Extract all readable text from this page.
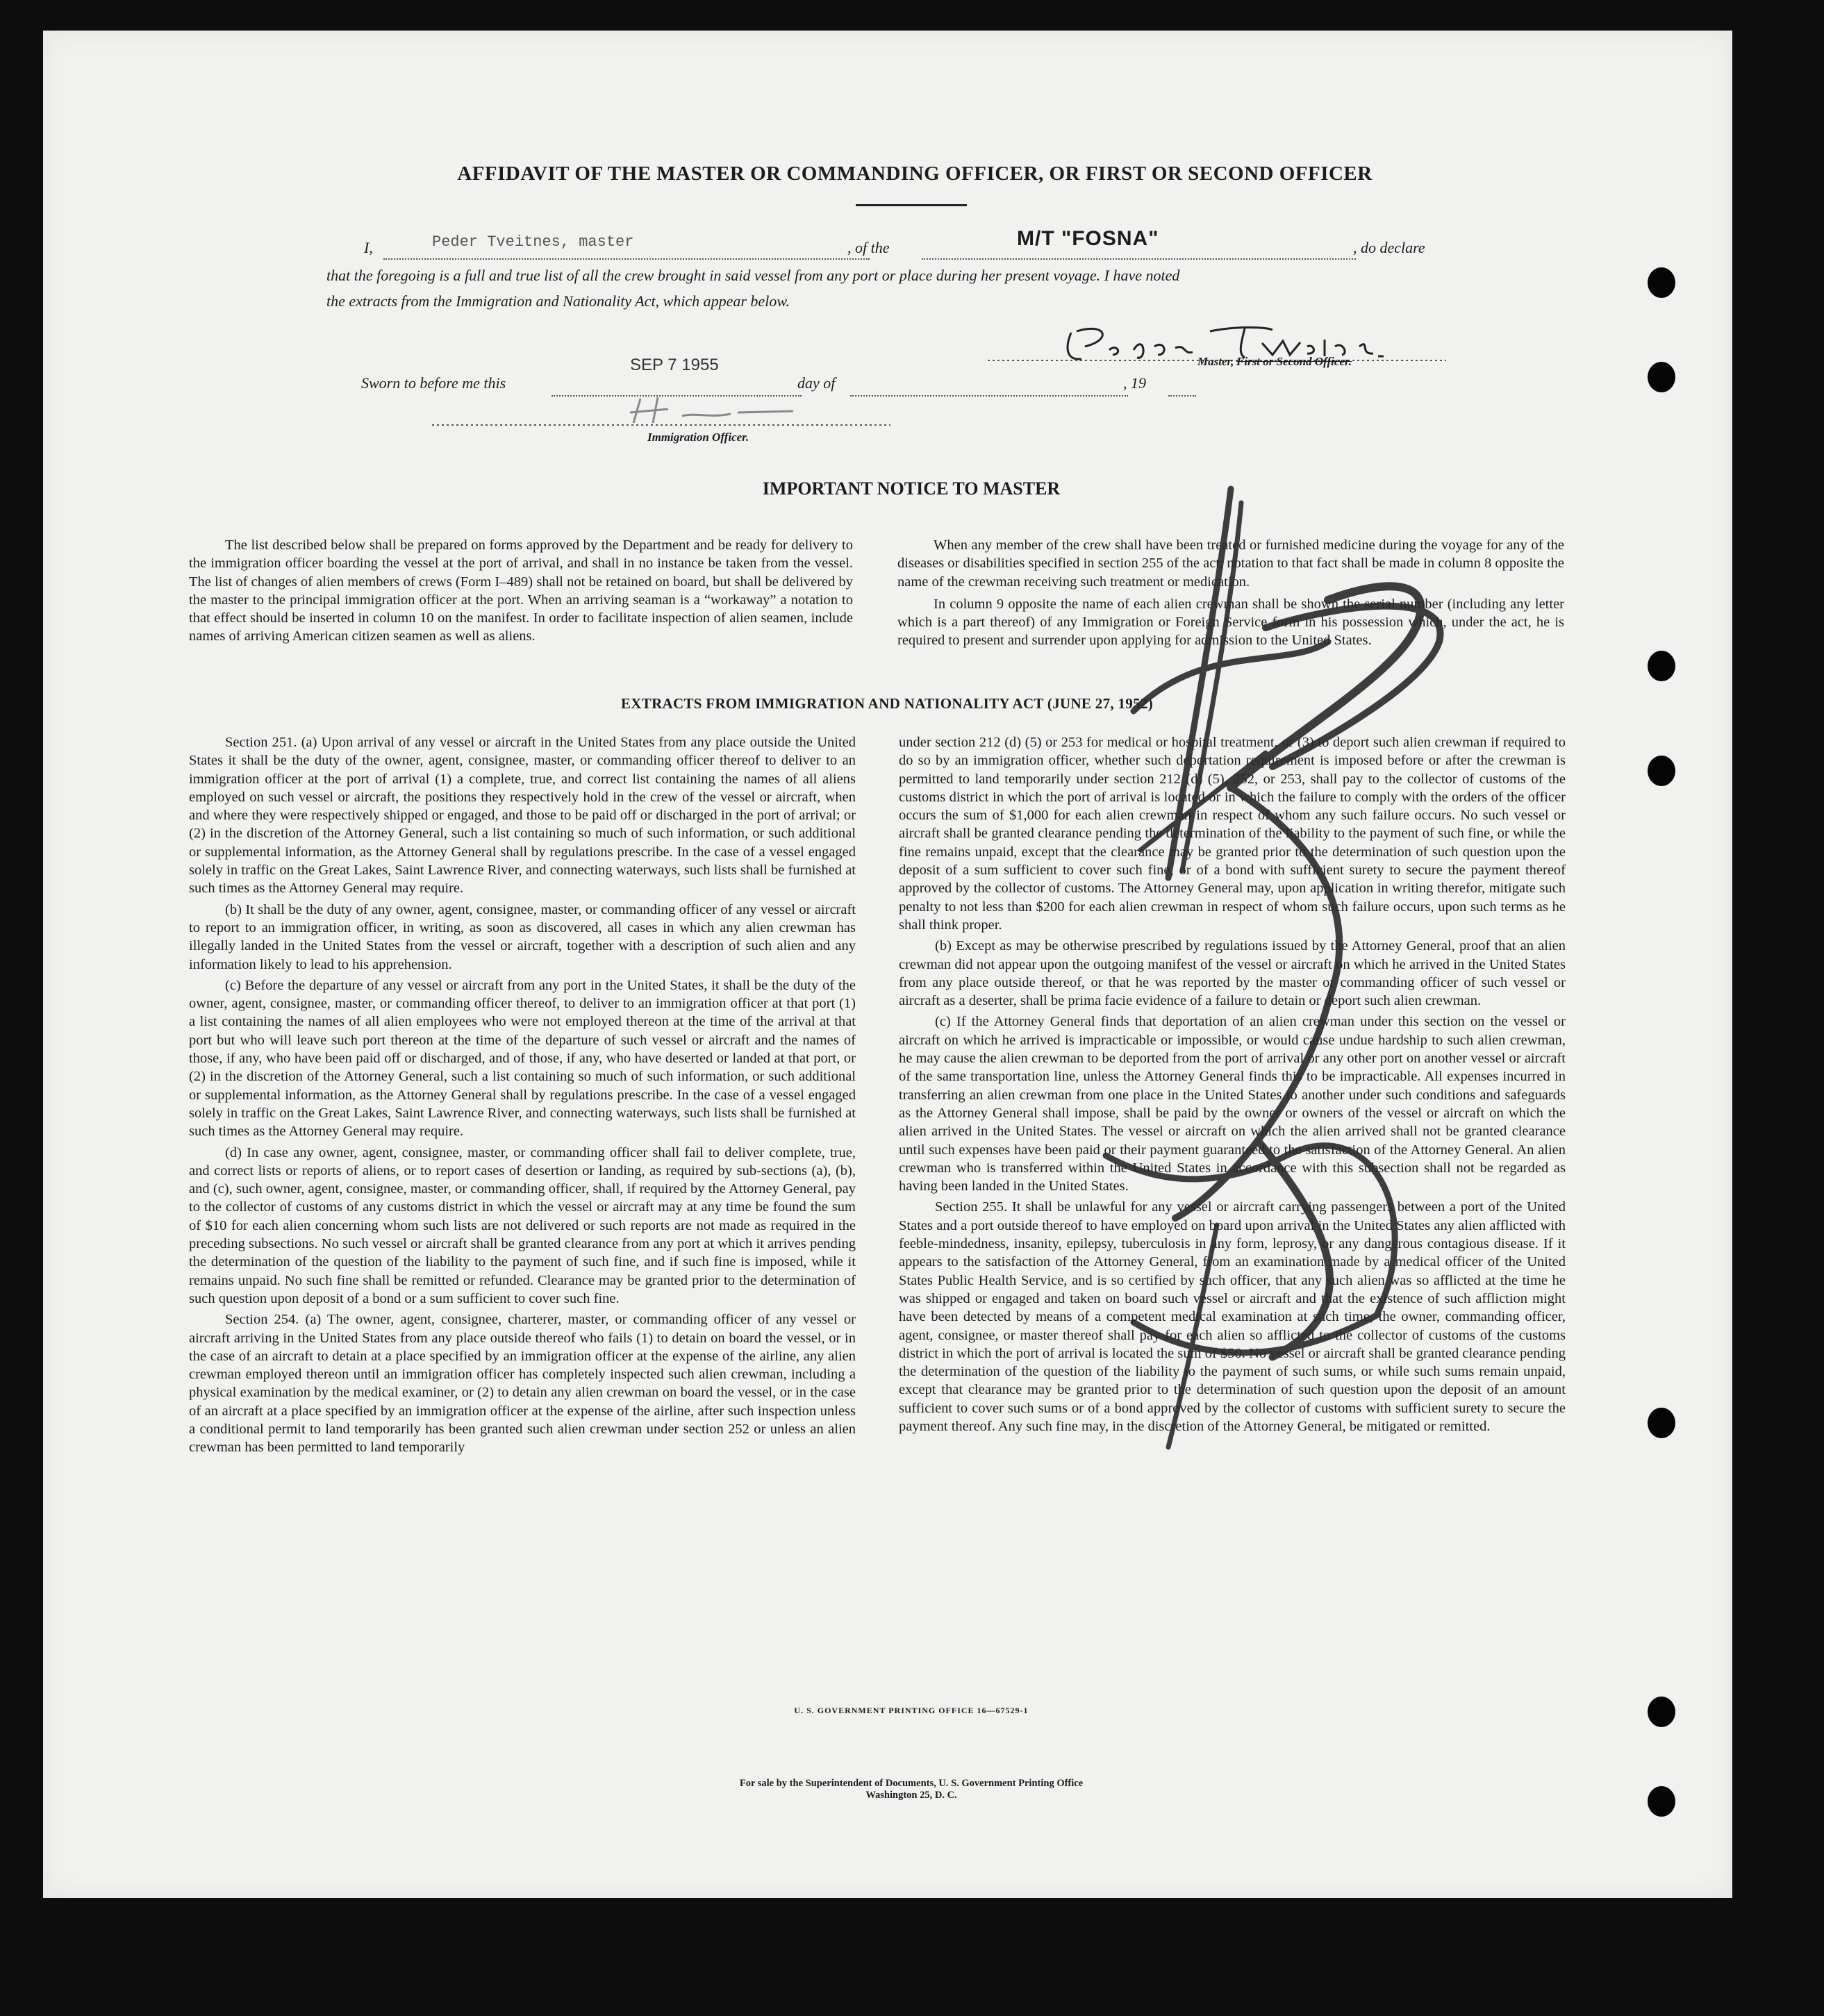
AFFIDAVIT OF THE MASTER OR COMMANDING OFFICER, OR FIRST OR SECOND OFFICER
I,	Peder Tveitnes, master	, of the	M/T "FOSNA"	, do declare
that the foregoing is a full and true list of all the crew brought in said vessel from any port or place during her present voyage. I have noted
the extracts from the Immigration and Nationality Act, which appear below.
Master, First or Second Officer.
Sworn to before me this
SEP 7 1955
day of	, 19
Immigration Officer.
IMPORTANT NOTICE TO MASTER

The list described below shall be prepared on forms approved by the Department and be ready for delivery to the immigration officer boarding the vessel at the port of arrival, and shall in no instance be taken from the vessel. The list of changes of alien members of crews (Form I–489) shall not be retained on board, but shall be delivered by the master to the principal immigration officer at the port. When an arriving seaman is a “workaway” a notation to that effect should be inserted in column 10 on the manifest. In order to facilitate inspection of alien seamen, include names of arriving American citizen seamen as well as aliens.

When any member of the crew shall have been treated or furnished medicine during the voyage for any of the diseases or disabilities specified in section 255 of the act, notation to that fact shall be made in column 8 opposite the name of the crewman receiving such treatment or medication.

In column 9 opposite the name of each alien crewman shall be shown the serial number (including any letter which is a part thereof) of any Immigration or Foreign Service form in his possession which, under the act, he is required to present and surrender upon applying for admission to the United States.

EXTRACTS FROM IMMIGRATION AND NATIONALITY ACT (JUNE 27, 1952)

Section 251. (a) Upon arrival of any vessel or aircraft in the United States from any place outside the United States it shall be the duty of the owner, agent, consignee, master, or commanding officer thereof to deliver to an immigration officer at the port of arrival (1) a complete, true, and correct list containing the names of all aliens employed on such vessel or aircraft, the positions they respectively hold in the crew of the vessel or aircraft, when and where they were respectively shipped or engaged, and those to be paid off or discharged in the port of arrival; or (2) in the discretion of the Attorney General, such a list containing so much of such information, or such additional or supplemental information, as the Attorney General shall by regulations prescribe. In the case of a vessel engaged solely in traffic on the Great Lakes, Saint Lawrence River, and connecting waterways, such lists shall be furnished at such times as the Attorney General may require.

(b) It shall be the duty of any owner, agent, consignee, master, or commanding officer of any vessel or aircraft to report to an immigration officer, in writing, as soon as discovered, all cases in which any alien crewman has illegally landed in the United States from the vessel or aircraft, together with a description of such alien and any information likely to lead to his apprehension.

(c) Before the departure of any vessel or aircraft from any port in the United States, it shall be the duty of the owner, agent, consignee, master, or commanding officer thereof, to deliver to an immigration officer at that port (1) a list containing the names of all alien employees who were not employed thereon at the time of the arrival at that port but who will leave such port thereon at the time of the departure of such vessel or aircraft and the names of those, if any, who have been paid off or discharged, and of those, if any, who have deserted or landed at that port, or (2) in the discretion of the Attorney General, such a list containing so much of such information, or such additional or supplemental information, as the Attorney General shall by regulations prescribe. In the case of a vessel engaged solely in traffic on the Great Lakes, Saint Lawrence River, and connecting waterways, such lists shall be furnished at such times as the Attorney General may require.

(d) In case any owner, agent, consignee, master, or commanding officer shall fail to deliver complete, true, and correct lists or reports of aliens, or to report cases of desertion or landing, as required by sub-sections (a), (b), and (c), such owner, agent, consignee, master, or commanding officer, shall, if required by the Attorney General, pay to the collector of customs of any customs district in which the vessel or aircraft may at any time be found the sum of $10 for each alien concerning whom such lists are not delivered or such reports are not made as required in the preceding subsections. No such vessel or aircraft shall be granted clearance from any port at which it arrives pending the determination of the question of the liability to the payment of such fine, and if such fine is imposed, while it remains unpaid. No such fine shall be remitted or refunded. Clearance may be granted prior to the determination of such question upon deposit of a bond or a sum sufficient to cover such fine.

Section 254. (a) The owner, agent, consignee, charterer, master, or commanding officer of any vessel or aircraft arriving in the United States from any place outside thereof who fails (1) to detain on board the vessel, or in the case of an aircraft to detain at a place specified by an immigration officer at the expense of the airline, any alien crewman employed thereon until an immigration officer has completely inspected such alien crewman, including a physical examination by the medical examiner, or (2) to detain any alien crewman on board the vessel, or in the case of an aircraft at a place specified by an immigration officer at the expense of the airline, after such inspection unless a conditional permit to land temporarily has been granted such alien crewman under section 252 or unless an alien crewman has been permitted to land temporarily

under section 212 (d) (5) or 253 for medical or hospital treatment, or (3) to deport such alien crewman if required to do so by an immigration officer, whether such deportation requirement is imposed before or after the crewman is permitted to land temporarily under section 212 (d) (5), 252, or 253, shall pay to the collector of customs of the customs district in which the port of arrival is located or in which the failure to comply with the orders of the officer occurs the sum of $1,000 for each alien crewman in respect of whom any such failure occurs. No such vessel or aircraft shall be granted clearance pending the determination of the liability to the payment of such fine, or while the fine remains unpaid, except that the clearance may be granted prior to the determination of such question upon the deposit of a sum sufficient to cover such fine, or of a bond with sufficient surety to secure the payment thereof approved by the collector of customs. The Attorney General may, upon application in writing therefor, mitigate such penalty to not less than $200 for each alien crewman in respect of whom such failure occurs, upon such terms as he shall think proper.

(b) Except as may be otherwise prescribed by regulations issued by the Attorney General, proof that an alien crewman did not appear upon the outgoing manifest of the vessel or aircraft on which he arrived in the United States from any place outside thereof, or that he was reported by the master or commanding officer of such vessel or aircraft as a deserter, shall be prima facie evidence of a failure to detain or deport such alien crewman.

(c) If the Attorney General finds that deportation of an alien crewman under this section on the vessel or aircraft on which he arrived is impracticable or impossible, or would cause undue hardship to such alien crewman, he may cause the alien crewman to be deported from the port of arrival or any other port on another vessel or aircraft of the same transportation line, unless the Attorney General finds this to be impracticable. All expenses incurred in transferring an alien crewman from one place in the United States to another under such conditions and safeguards as the Attorney General shall impose, shall be paid by the owner or owners of the vessel or aircraft on which the alien arrived in the United States. The vessel or aircraft on which the alien arrived shall not be granted clearance until such expenses have been paid or their payment guaranteed to the satisfaction of the Attorney General. An alien crewman who is transferred within the United States in accordance with this subsection shall not be regarded as having been landed in the United States.

Section 255. It shall be unlawful for any vessel or aircraft carrying passengers between a port of the United States and a port outside thereof to have employed on board upon arrival in the United States any alien afflicted with feeble-mindedness, insanity, epilepsy, tuberculosis in any form, leprosy, or any dangerous contagious disease. If it appears to the satisfaction of the Attorney General, from an examination made by a medical officer of the United States Public Health Service, and is so certified by such officer, that any such alien was so afflicted at the time he was shipped or engaged and taken on board such vessel or aircraft and that the existence of such affliction might have been detected by means of a competent medical examination at such time, the owner, commanding officer, agent, consignee, or master thereof shall pay for each alien so afflicted to the collector of customs of the customs district in which the port of arrival is located the sum of $50. No vessel or aircraft shall be granted clearance pending the determination of the question of the liability to the payment of such sums, or while such sums remain unpaid, except that clearance may be granted prior to the determination of such question upon the deposit of an amount sufficient to cover such sums or of a bond approved by the collector of customs with sufficient surety to secure the payment thereof. Any such fine may, in the discretion of the Attorney General, be mitigated or remitted.

U. S. GOVERNMENT PRINTING OFFICE 16—67529-1
For sale by the Superintendent of Documents, U. S. Government Printing Office
Washington 25, D. C.
